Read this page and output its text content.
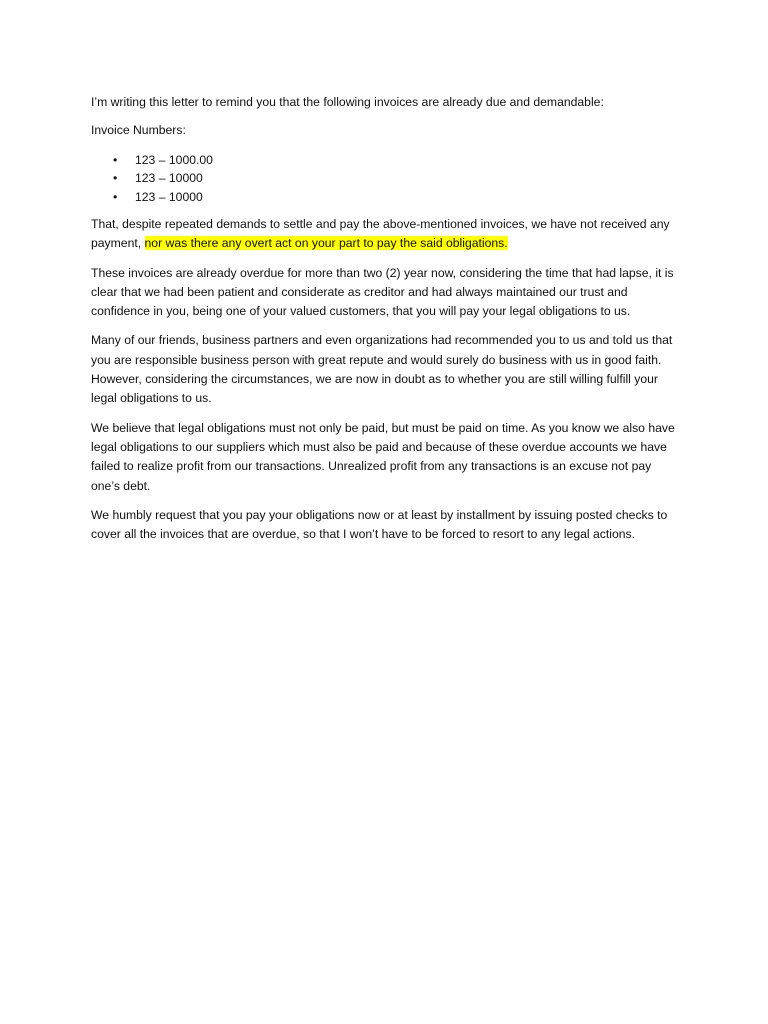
I’m writing this letter to remind you that the following invoices are already due and demandable:

Invoice Numbers:

• 123 – 1000.00
• 123 – 10000
• 123 – 10000

That, despite repeated demands to settle and pay the above-mentioned invoices, we have not received any payment, nor was there any overt act on your part to pay the said obligations.

These invoices are already overdue for more than two (2) year now, considering the time that had lapse, it is clear that we had been patient and considerate as creditor and had always maintained our trust and confidence in you, being one of your valued customers, that you will pay your legal obligations to us.

Many of our friends, business partners and even organizations had recommended you to us and told us that you are responsible business person with great repute and would surely do business with us in good faith. However, considering the circumstances, we are now in doubt as to whether you are still willing fulfill your legal obligations to us.

We believe that legal obligations must not only be paid, but must be paid on time. As you know we also have legal obligations to our suppliers which must also be paid and because of these overdue accounts we have failed to realize profit from our transactions. Unrealized profit from any transactions is an excuse not pay one’s debt.

We humbly request that you pay your obligations now or at least by installment by issuing posted checks to cover all the invoices that are overdue, so that I won’t have to be forced to resort to any legal actions.
